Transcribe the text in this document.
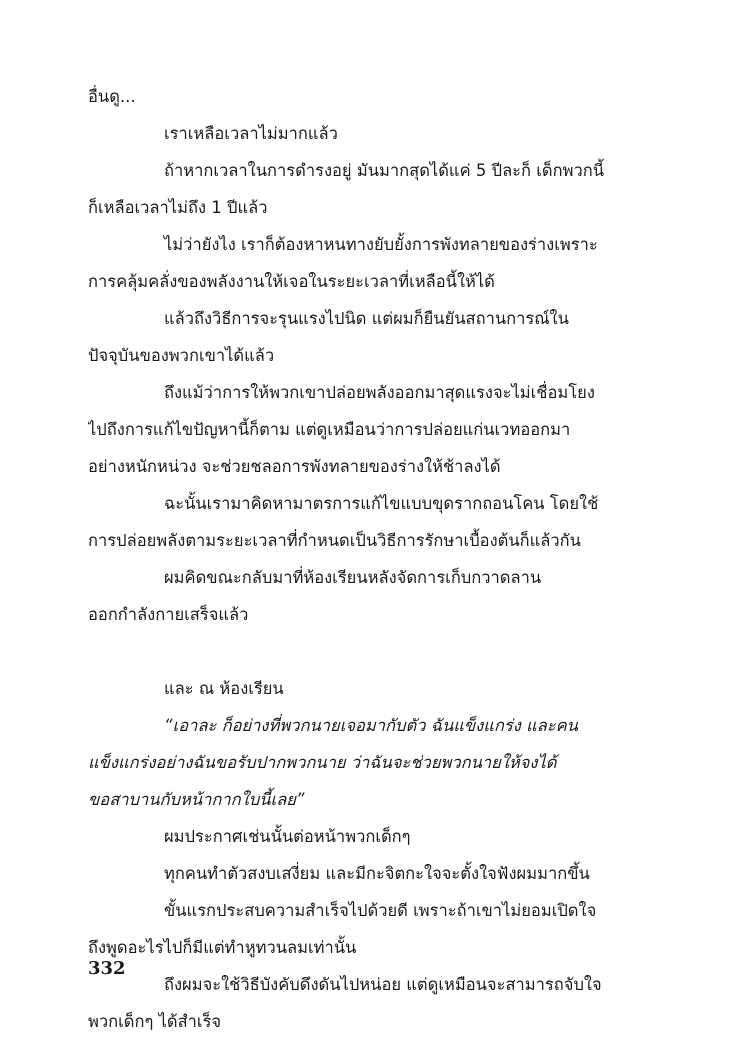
อื่นดู...
เราเหลือเวลาไม่มากแล้ว
ถ้าหากเวลาในการดำรงอยู่ มันมากสุดได้แค่ 5 ปีละก็ เด็กพวกนี้
ก็เหลือเวลาไม่ถึง 1 ปีแล้ว
ไม่ว่ายังไง เราก็ต้องหาหนทางยับยั้งการพังทลายของร่างเพราะ
การคลุ้มคลั่งของพลังงานให้เจอในระยะเวลาที่เหลือนี้ให้ได้
แล้วถึงวิธีการจะรุนแรงไปนิด แต่ผมก็ยืนยันสถานการณ์ใน
ปัจจุบันของพวกเขาได้แล้ว
ถึงแม้ว่าการให้พวกเขาปล่อยพลังออกมาสุดแรงจะไม่เชื่อมโยง
ไปถึงการแก้ไขปัญหานี้ก็ตาม แต่ดูเหมือนว่าการปล่อยแก่นเวทออกมา
อย่างหนักหน่วง จะช่วยชลอการพังทลายของร่างให้ช้าลงได้
ฉะนั้นเรามาคิดหามาตรการแก้ไขแบบขุดรากถอนโคน โดยใช้
การปล่อยพลังตามระยะเวลาที่กำหนดเป็นวิธีการรักษาเบื้องต้นก็แล้วกัน
ผมคิดขณะกลับมาที่ห้องเรียนหลังจัดการเก็บกวาดลาน
ออกกำลังกายเสร็จแล้ว
และ ณ ห้องเรียน
“เอาละ ก็อย่างที่พวกนายเจอมากับตัว ฉันแข็งแกร่ง และคน
แข็งแกร่งอย่างฉันขอรับปากพวกนาย ว่าฉันจะช่วยพวกนายให้จงได้
ขอสาบานกับหน้ากากใบนี้เลย”
ผมประกาศเช่นนั้นต่อหน้าพวกเด็กๆ
ทุกคนทำตัวสงบเสงี่ยม และมีกะจิตกะใจจะตั้งใจฟังผมมากขึ้น
ขั้นแรกประสบความสำเร็จไปด้วยดี เพราะถ้าเขาไม่ยอมเปิดใจ
ถึงพูดอะไรไปก็มีแต่ทำหูทวนลมเท่านั้น
ถึงผมจะใช้วิธีบังคับดึงดันไปหน่อย แต่ดูเหมือนจะสามารถจับใจ
พวกเด็กๆ ได้สำเร็จ
332
